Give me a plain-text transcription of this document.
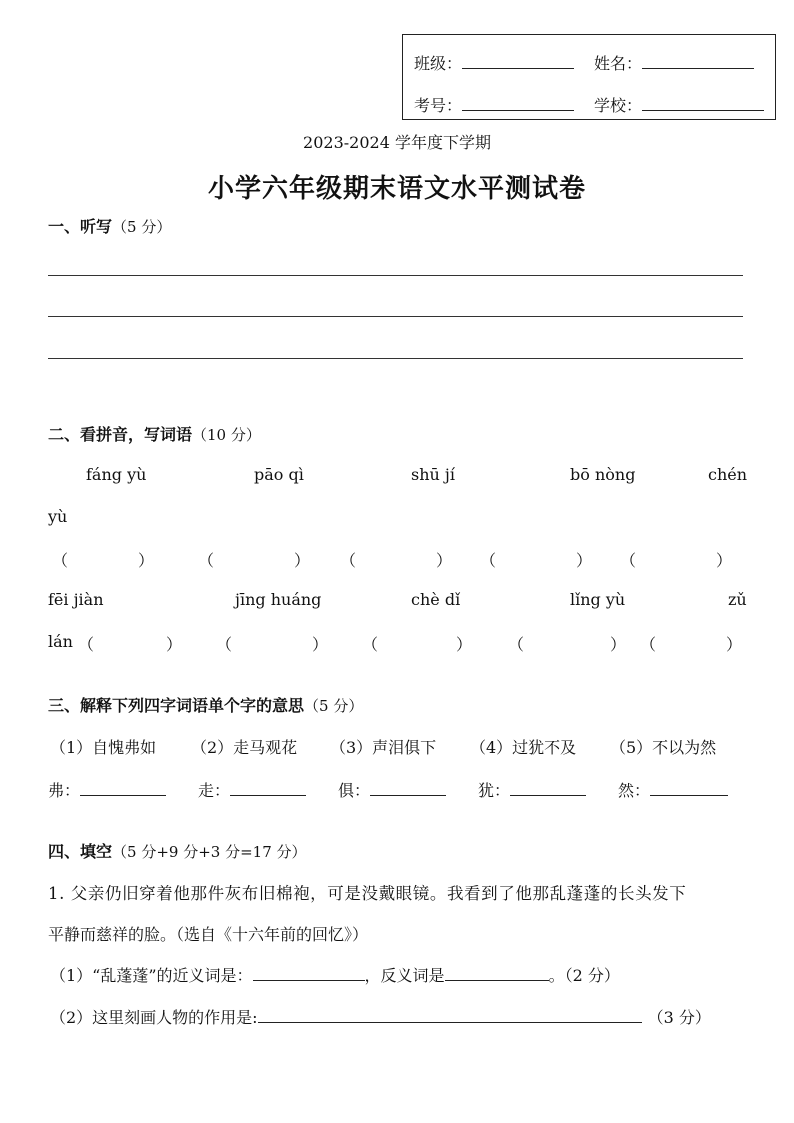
班级：	姓名：
考号：	学校：
2023-2024 学年度下学期
小学六年级期末语文水平测试卷
一、听写（5 分）
二、看拼音，写词语（10 分）
fáng yù	pāo qì	shū jí	bō nòng	chén
yù
（	）	（	） （	） （	） （	）
fēi jiàn	jīng huáng	chè dǐ	lǐng yù	zǔ
lán （	） （	） （	） （	） （	）
三、解释下列四字词语单个字的意思（5 分）
（1）自愧弗如 （2）走马观花 （3）声泪俱下 （4）过犹不及 （5）不以为然
弗：	走：	俱：	犹：	然：
四、填空（5 分+9 分+3 分=17 分）
1. 父亲仍旧穿着他那件灰布旧棉袍，可是没戴眼镜。我看到了他那乱蓬蓬的长头发下
平静而慈祥的脸。（选自《十六年前的回忆》）
（1）“乱蓬蓬”的近义词是：	，反义词是	。（2 分）
（2）这里刻画人物的作用是:	（3 分）
